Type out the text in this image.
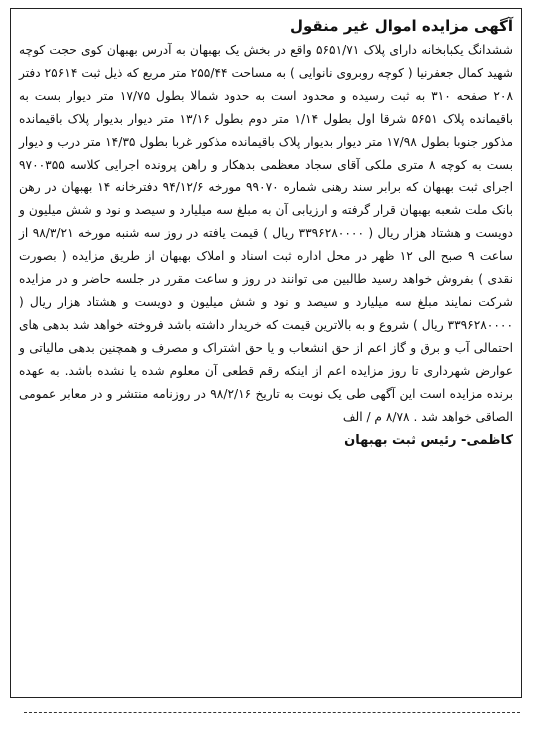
آگهی مزایده اموال غیر منقول

ششدانگ یکبابخانه دارای پلاک ۵۶۵۱/۷۱ واقع در بخش یک بهبهان به آدرس بهبهان کوی حجت کوچه شهید کمال جعفرنیا ( کوچه روبروی نانوایی ) به مساحت ۲۵۵/۴۴ متر مربع که ذیل ثبت ۲۵۶۱۴ دفتر ۲۰۸ صفحه ۳۱۰ به ثبت رسیده و محدود است به حدود شمالا بطول ۱۷/۷۵ متر دیوار بست به باقیمانده پلاک ۵۶۵۱ شرقا اول بطول ۱/۱۴ متر دوم بطول ۱۳/۱۶ متر دیوار بدیوار پلاک باقیمانده مذکور جنوبا بطول ۱۷/۹۸ متر دیوار بدیوار پلاک باقیمانده مذکور غربا بطول ۱۴/۳۵ متر درب و دیوار بست به کوچه ۸ متری ملکی آقای سجاد معظمی بدهکار و راهن پرونده اجرایی کلاسه ۹۷۰۰۳۵۵ اجرای ثبت بهبهان که برابر سند رهنی شماره ۹۹۰۷۰ مورخه ۹۴/۱۲/۶ دفترخانه ۱۴ بهبهان در رهن بانک ملت شعبه بهبهان قرار گرفته و ارزیابی آن به مبلغ سه میلیارد و سیصد و نود و شش میلیون و دویست و هشتاد هزار ریال ( ۳۳۹۶۲۸۰۰۰۰ ریال ) قیمت یافته در روز سه شنبه مورخه ۹۸/۳/۲۱ از ساعت ۹ صبح الی ۱۲ ظهر در محل اداره ثبت اسناد و املاک بهبهان از طریق مزایده ( بصورت نقدی ) بفروش خواهد رسید طالبین می توانند در روز و ساعت مقرر در جلسه حاضر و در مزایده شرکت نمایند مبلغ سه میلیارد و سیصد و نود و شش میلیون و دویست و هشتاد هزار ریال ( ۳۳۹۶۲۸۰۰۰۰ ریال ) شروع و به بالاترین قیمت که خریدار داشته باشد فروخته خواهد شد بدهی های احتمالی آب و برق و گاز اعم از حق انشعاب و یا حق اشتراک و مصرف و همچنین بدهی مالیاتی و عوارض شهرداری تا روز مزایده اعم از اینکه رقم قطعی آن معلوم شده یا نشده باشد. به عهده برنده مزایده است این آگهی طی یک نوبت به تاریخ ۹۸/۲/۱۶ در روزنامه منتشر و در معابر عمومی الصاقی خواهد شد . ۸/۷۸ م / الف

کاظمی- رئیس ثبت بهبهان
